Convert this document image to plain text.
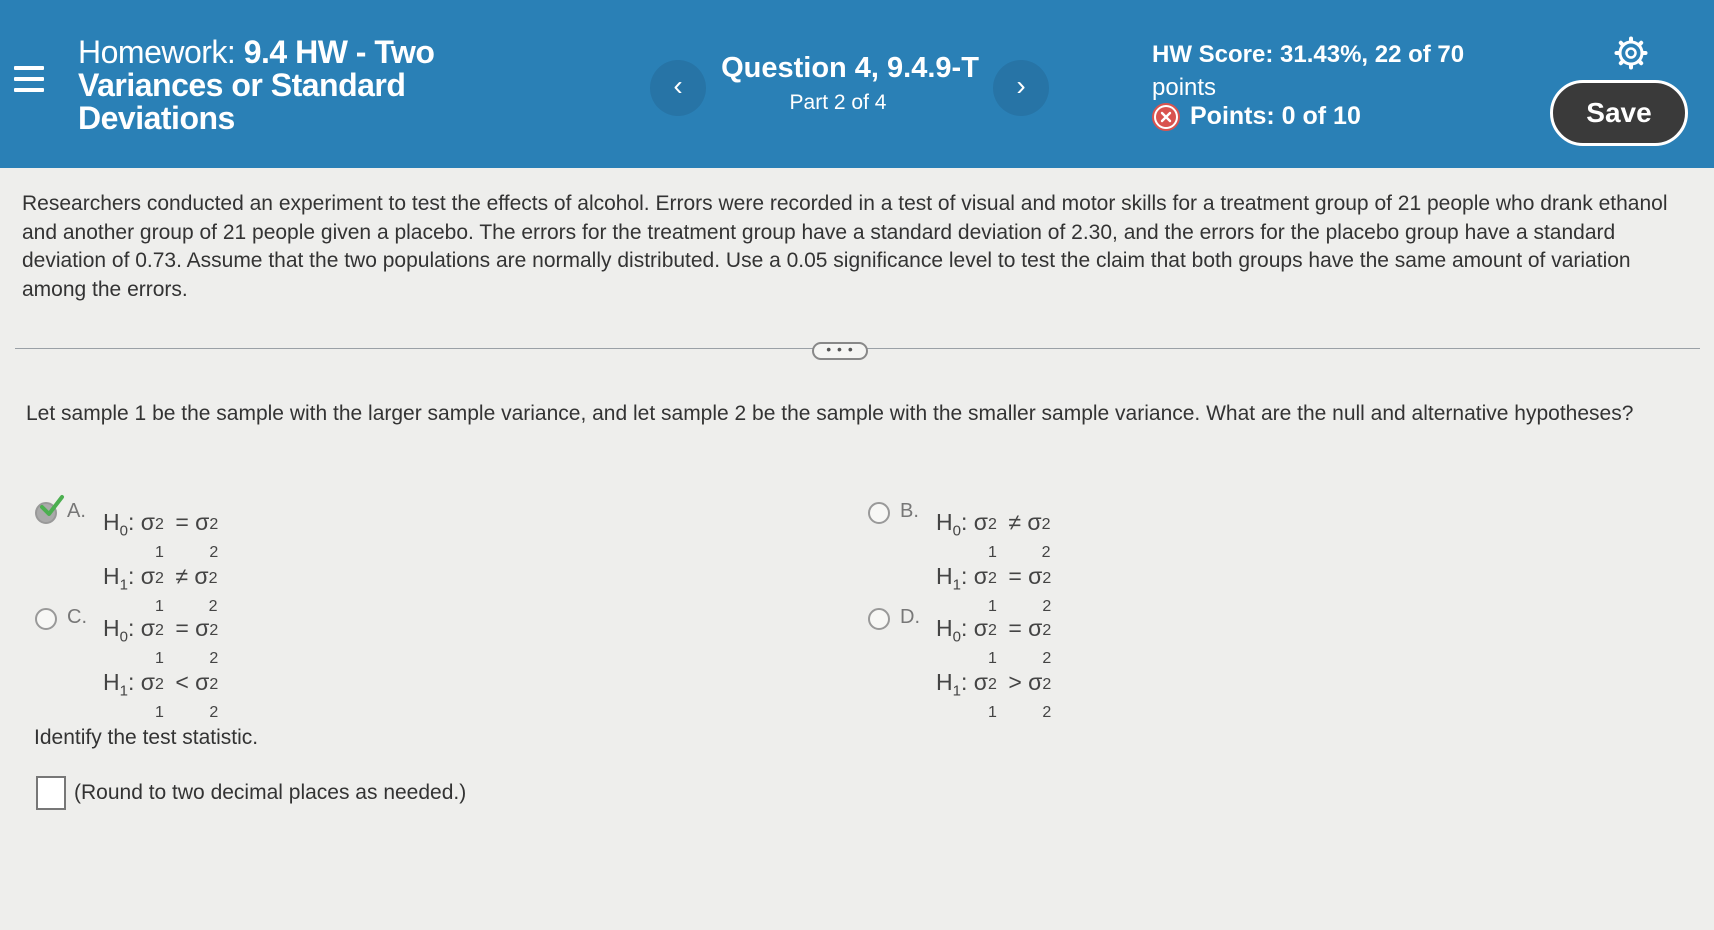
Homework: 9.4 HW - Two Variances or Standard Deviations
‹
Question 4, 9.4.9-T
Part 2 of 4
›
HW Score: 31.43%, 22 of 70
points
Points: 0 of 10	Save
Researchers conducted an experiment to test the effects of alcohol. Errors were recorded in a test of visual and motor skills for a treatment group of 21 people who drank ethanol and another group of 21 people given a placebo. The errors for the treatment group have a standard deviation of 2.30, and the errors for the placebo group have a standard deviation of 0.73. Assume that the two populations are normally distributed. Use a 0.05 significance level to test the claim that both groups have the same amount of variation among the errors.
• • •
Let sample 1 be the sample with the larger sample variance, and let sample 2 be the sample with the smaller sample variance. What are the null and alternative hypotheses?
A. $H_0$: σ 2
1
= σ 2
2
$H_1$: σ 2
1
≠ σ 2
2
B. $H_0$: σ 2
1
≠ σ 2
2
$H_1$: σ 2
1
= σ 2
2
C. $H_0$: σ 2
1
= σ 2
2
$H_1$: σ 2
1
< σ 2
2
D. $H_0$: σ 2
1
= σ 2
2
$H_1$: σ 2
1
> σ 2
2
Identify the test statistic.
(Round to two decimal places as needed.)
